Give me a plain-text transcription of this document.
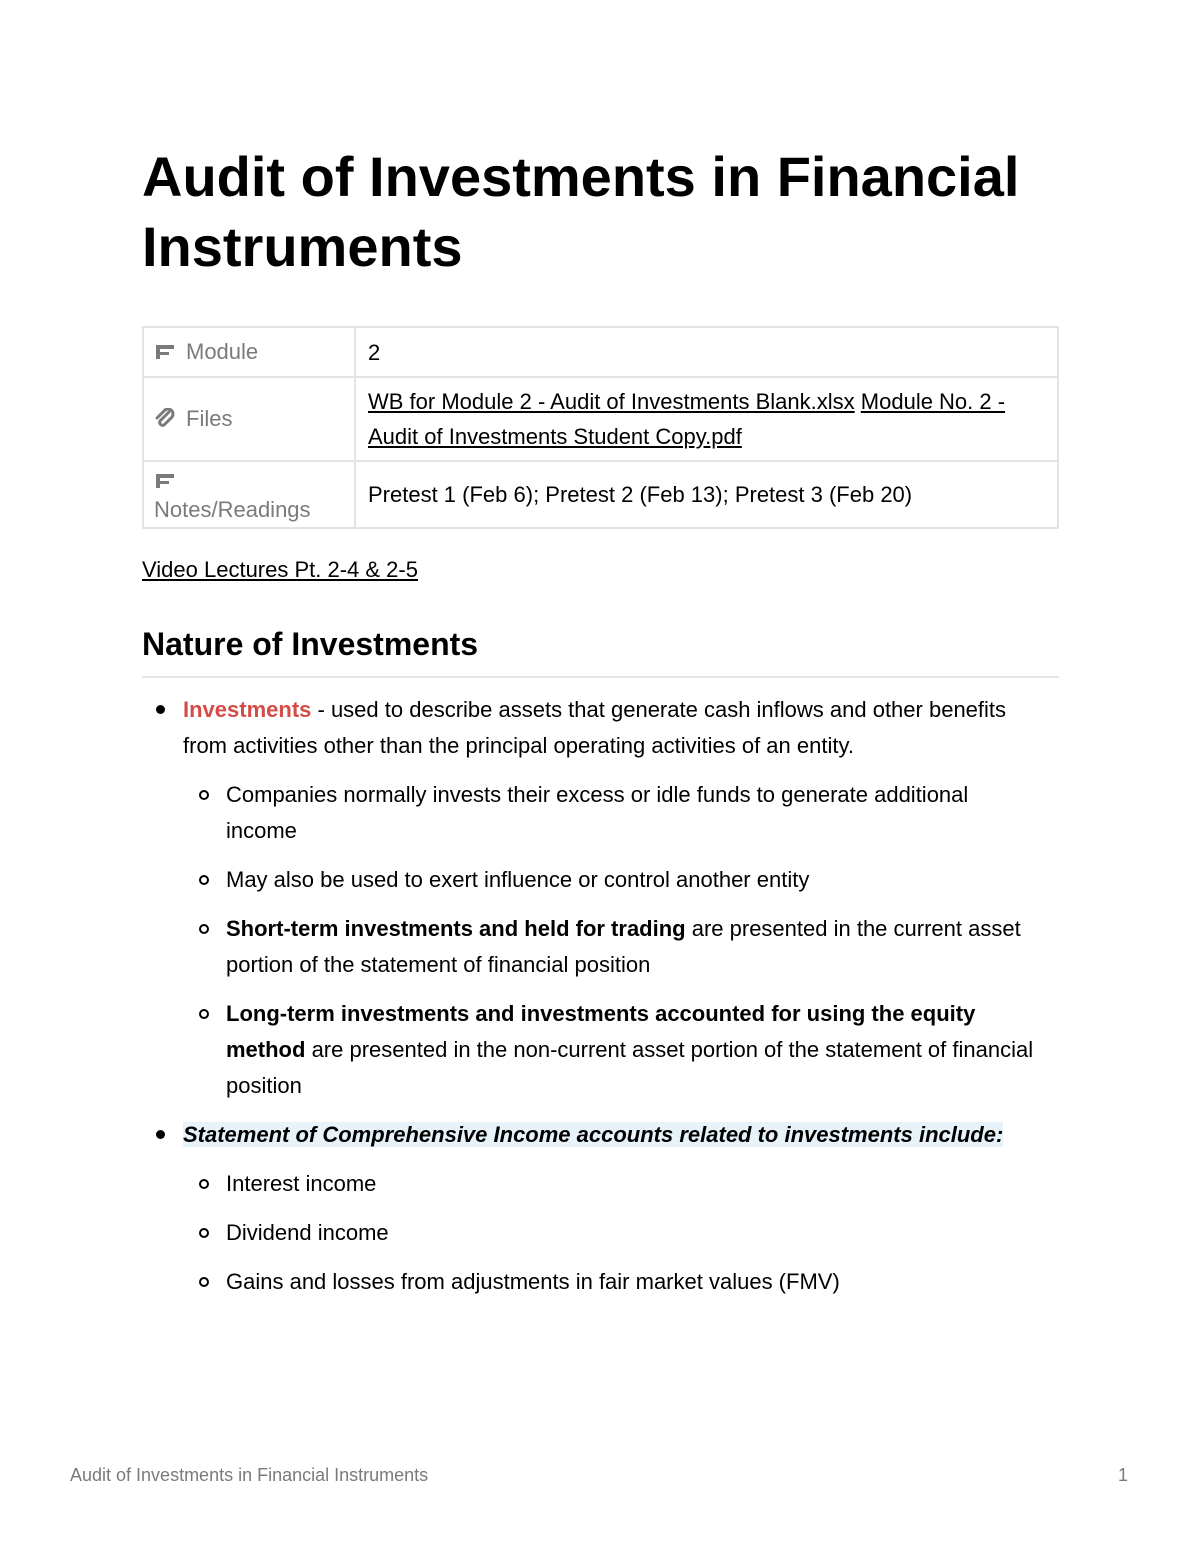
Audit of Investments in Financial Instruments
Module	2

Files	WB for Module 2 - Audit of Investments Blank.xlsx Module No. 2 - Audit of Investments Student Copy.pdf

Notes/Readings	Pretest 1 (Feb 6); Pretest 2 (Feb 13); Pretest 3 (Feb 20)
Video Lectures Pt. 2-4 & 2-5
Nature of Investments
Investments - used to describe assets that generate cash inflows and other benefits from activities other than the principal operating activities of an entity.
Companies normally invests their excess or idle funds to generate additional income
May also be used to exert influence or control another entity
Short-term investments and held for trading are presented in the current asset portion of the statement of financial position
Long-term investments and investments accounted for using the equity method are presented in the non-current asset portion of the statement of financial position
Statement of Comprehensive Income accounts related to investments include:
Interest income
Dividend income
Gains and losses from adjustments in fair market values (FMV)
Audit of Investments in Financial Instruments	1
